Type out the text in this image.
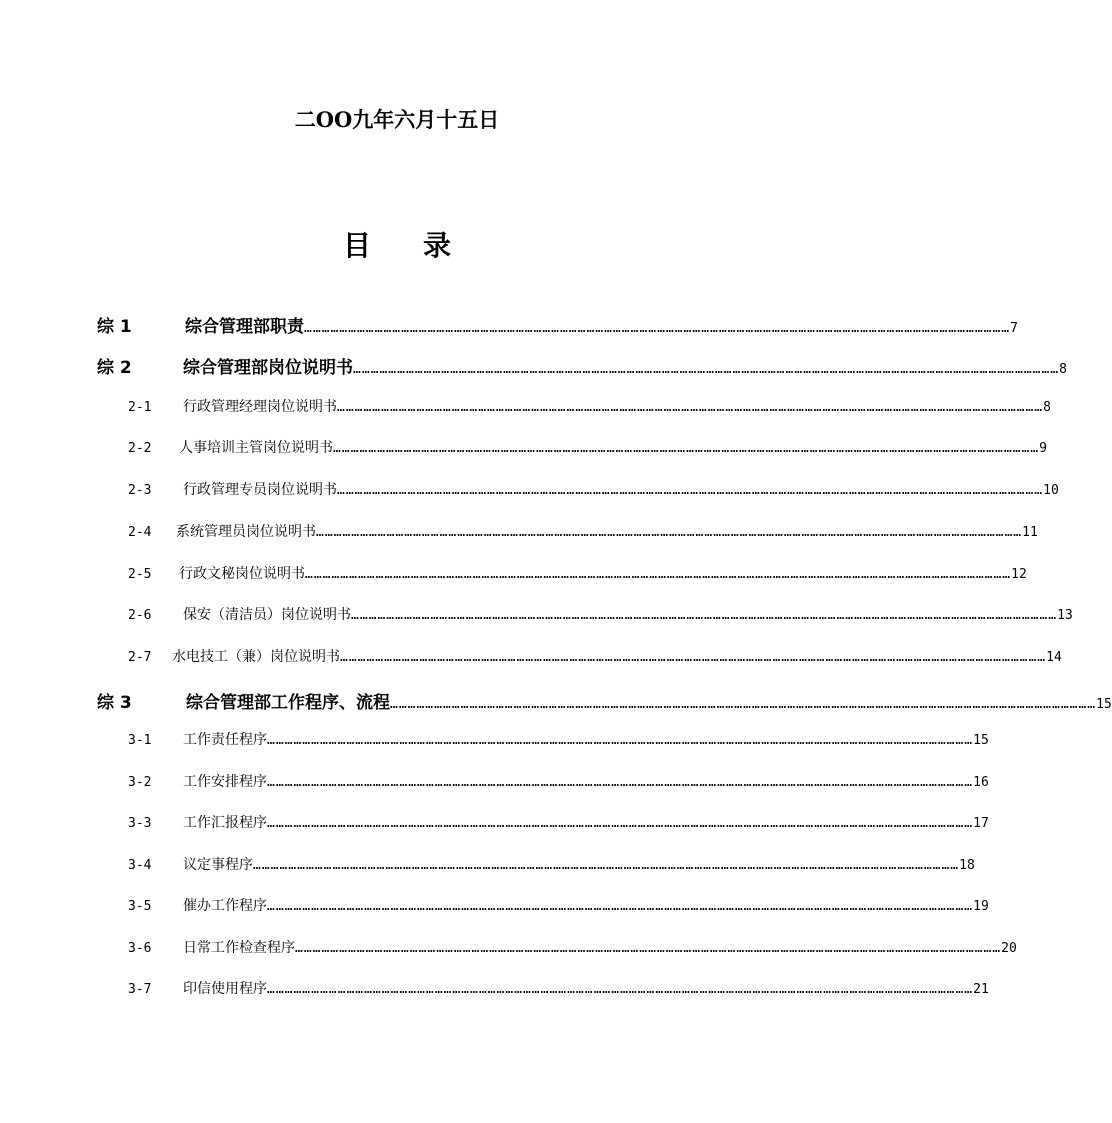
二OO九年六月十五日
目 录
综 1	综合管理部职责 …………………………………………………………………………………………………………………………………………………………………………………………………………………… 7
综 2	综合管理部岗位说明书 …………………………………………………………………………………………………………………………………………………………………………………………………………………… 8
2-1	行政管理经理岗位说明书 …………………………………………………………………………………………………………………………………………………………………………………………………………………… 8
2-2	人事培训主管岗位说明书 …………………………………………………………………………………………………………………………………………………………………………………………………………………… 9
2-3	行政管理专员岗位说明书 …………………………………………………………………………………………………………………………………………………………………………………………………………………… 10
2-4	系统管理员岗位说明书 …………………………………………………………………………………………………………………………………………………………………………………………………………………… 11
2-5	行政文秘岗位说明书 …………………………………………………………………………………………………………………………………………………………………………………………………………………… 12
2-6	保安（清洁员）岗位说明书 …………………………………………………………………………………………………………………………………………………………………………………………………………………… 13
2-7	水电技工（兼）岗位说明书 …………………………………………………………………………………………………………………………………………………………………………………………………………………… 14
综 3	综合管理部工作程序、流程 …………………………………………………………………………………………………………………………………………………………………………………………………………………… 15
3-1	工作责任程序 …………………………………………………………………………………………………………………………………………………………………………………………………………………… 15
3-2	工作安排程序 …………………………………………………………………………………………………………………………………………………………………………………………………………………… 16
3-3	工作汇报程序 …………………………………………………………………………………………………………………………………………………………………………………………………………………… 17
3-4	议定事程序 …………………………………………………………………………………………………………………………………………………………………………………………………………………… 18
3-5	催办工作程序 …………………………………………………………………………………………………………………………………………………………………………………………………………………… 19
3-6	日常工作检查程序 …………………………………………………………………………………………………………………………………………………………………………………………………………………… 20
3-7	印信使用程序 …………………………………………………………………………………………………………………………………………………………………………………………………………………… 21
